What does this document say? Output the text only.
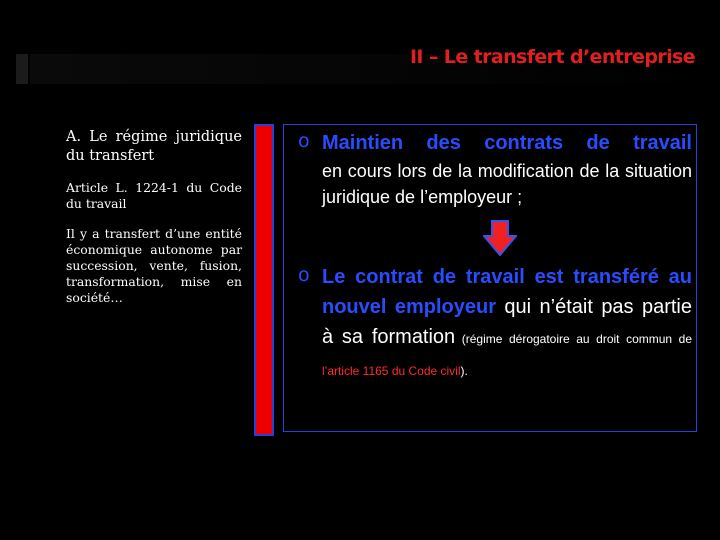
II – Le transfert d’entreprise
A. Le régime juridique du transfert
Article L. 1224-1 du Code du travail
Il y a transfert d’une entité économique autonome par succession, vente, fusion, transformation, mise en société…
o Maintien des contrats de travail
en cours lors de la modification de la situation juridique de l’employeur ;
o Le contrat de travail est transféré au nouvel employeur qui n’était pas partie à sa formation (régime dérogatoire au droit commun de l’article 1165 du Code civil).
